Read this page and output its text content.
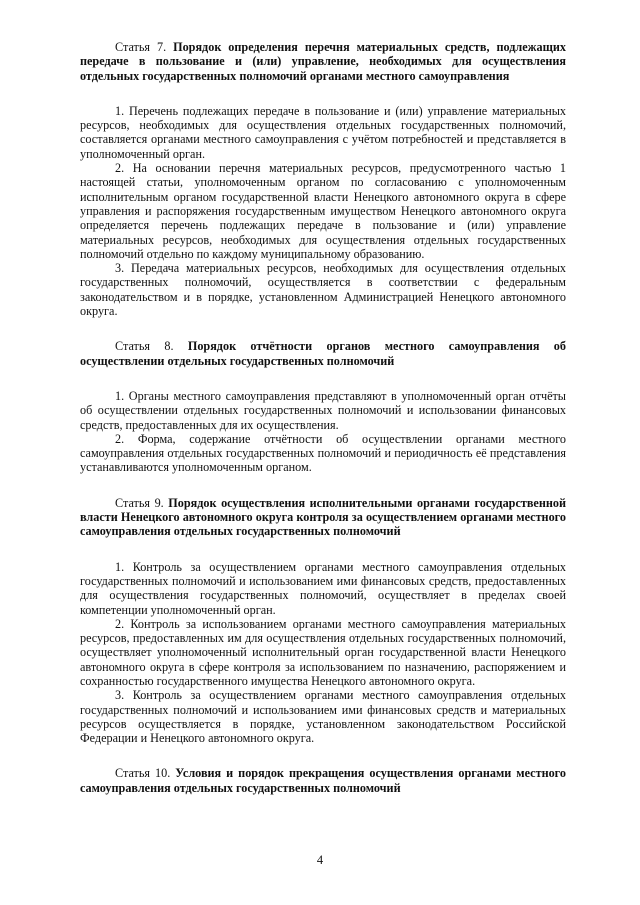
Статья 7. Порядок определения перечня материальных средств, подлежащих передаче в пользование и (или) управление, необходимых для осуществления отдельных государственных полномочий органами местного самоуправления

1. Перечень подлежащих передаче в пользование и (или) управление материальных ресурсов, необходимых для осуществления отдельных государственных полномочий, составляется органами местного самоуправления с учётом потребностей и представляется в уполномоченный орган.

2. На основании перечня материальных ресурсов, предусмотренного частью 1 настоящей статьи, уполномоченным органом по согласованию с уполномоченным исполнительным органом государственной власти Ненецкого автономного округа в сфере управления и распоряжения государственным имуществом Ненецкого автономного округа определяется перечень подлежащих передаче в пользование и (или) управление материальных ресурсов, необходимых для осуществления отдельных государственных полномочий отдельно по каждому муниципальному образованию.

3. Передача материальных ресурсов, необходимых для осуществления отдельных государственных полномочий, осуществляется в соответствии с федеральным законодательством и в порядке, установленном Администрацией Ненецкого автономного округа.

Статья 8. Порядок отчётности органов местного самоуправления об осуществлении отдельных государственных полномочий

1. Органы местного самоуправления представляют в уполномоченный орган отчёты об осуществлении отдельных государственных полномочий и использовании финансовых средств, предоставленных для их осуществления.

2. Форма, содержание отчётности об осуществлении органами местного самоуправления отдельных государственных полномочий и периодичность её представления устанавливаются уполномоченным органом.

Статья 9. Порядок осуществления исполнительными органами государственной власти Ненецкого автономного округа контроля за осуществлением органами местного самоуправления отдельных государственных полномочий

1. Контроль за осуществлением органами местного самоуправления отдельных государственных полномочий и использованием ими финансовых средств, предоставленных для осуществления государственных полномочий, осуществляет в пределах своей компетенции уполномоченный орган.

2. Контроль за использованием органами местного самоуправления материальных ресурсов, предоставленных им для осуществления отдельных государственных полномочий, осуществляет уполномоченный исполнительный орган государственной власти Ненецкого автономного округа в сфере контроля за использованием по назначению, распоряжением и сохранностью государственного имущества Ненецкого автономного округа.

3. Контроль за осуществлением органами местного самоуправления отдельных государственных полномочий и использованием ими финансовых средств и материальных ресурсов осуществляется в порядке, установленном законодательством Российской Федерации и Ненецкого автономного округа.

Статья 10. Условия и порядок прекращения осуществления органами местного самоуправления отдельных государственных полномочий

4
